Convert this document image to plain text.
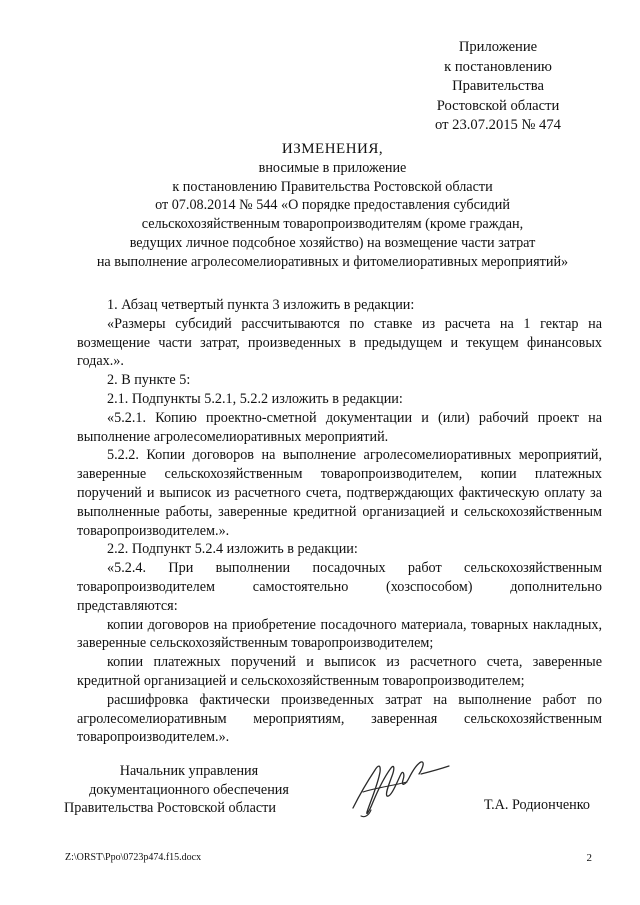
Приложение
к постановлению
Правительства
Ростовской области
от 23.07.2015 № 474
ИЗМЕНЕНИЯ,
вносимые в приложение
к постановлению Правительства Ростовской области
от 07.08.2014 № 544 «О порядке предоставления субсидий
сельскохозяйственным товаропроизводителям (кроме граждан,
ведущих личное подсобное хозяйство) на возмещение части затрат
на выполнение агролесомелиоративных и фитомелиоративных мероприятий»

1. Абзац четвертый пункта 3 изложить в редакции:

«Размеры субсидий рассчитываются по ставке из расчета на 1 гектар на возмещение части затрат, произведенных в предыдущем и текущем финансовых годах.».

2. В пункте 5:

2.1. Подпункты 5.2.1, 5.2.2 изложить в редакции:

«5.2.1. Копию проектно-сметной документации и (или) рабочий проект на выполнение агролесомелиоративных мероприятий.

5.2.2. Копии договоров на выполнение агролесомелиоративных мероприятий, заверенные сельскохозяйственным товаропроизводителем, копии платежных поручений и выписок из расчетного счета, подтверждающих фактическую оплату за выполненные работы, заверенные кредитной организацией и сельскохозяйственным товаропроизводителем.».

2.2. Подпункт 5.2.4 изложить в редакции:

«5.2.4. При выполнении посадочных работ сельскохозяйственным товаропроизводителем самостоятельно (хозспособом) дополнительно представляются:

копии договоров на приобретение посадочного материала, товарных накладных, заверенные сельскохозяйственным товаропроизводителем;

копии платежных поручений и выписок из расчетного счета, заверенные кредитной организацией и сельскохозяйственным товаропроизводителем;

расшифровка фактически произведенных затрат на выполнение работ по агролесомелиоративным мероприятиям, заверенная сельскохозяйственным товаропроизводителем.».

Начальник управления
документационного обеспечения
Правительства Ростовской области	Т.А. Родионченко
Z:\ORST\Ppo\0723p474.f15.docx	2
